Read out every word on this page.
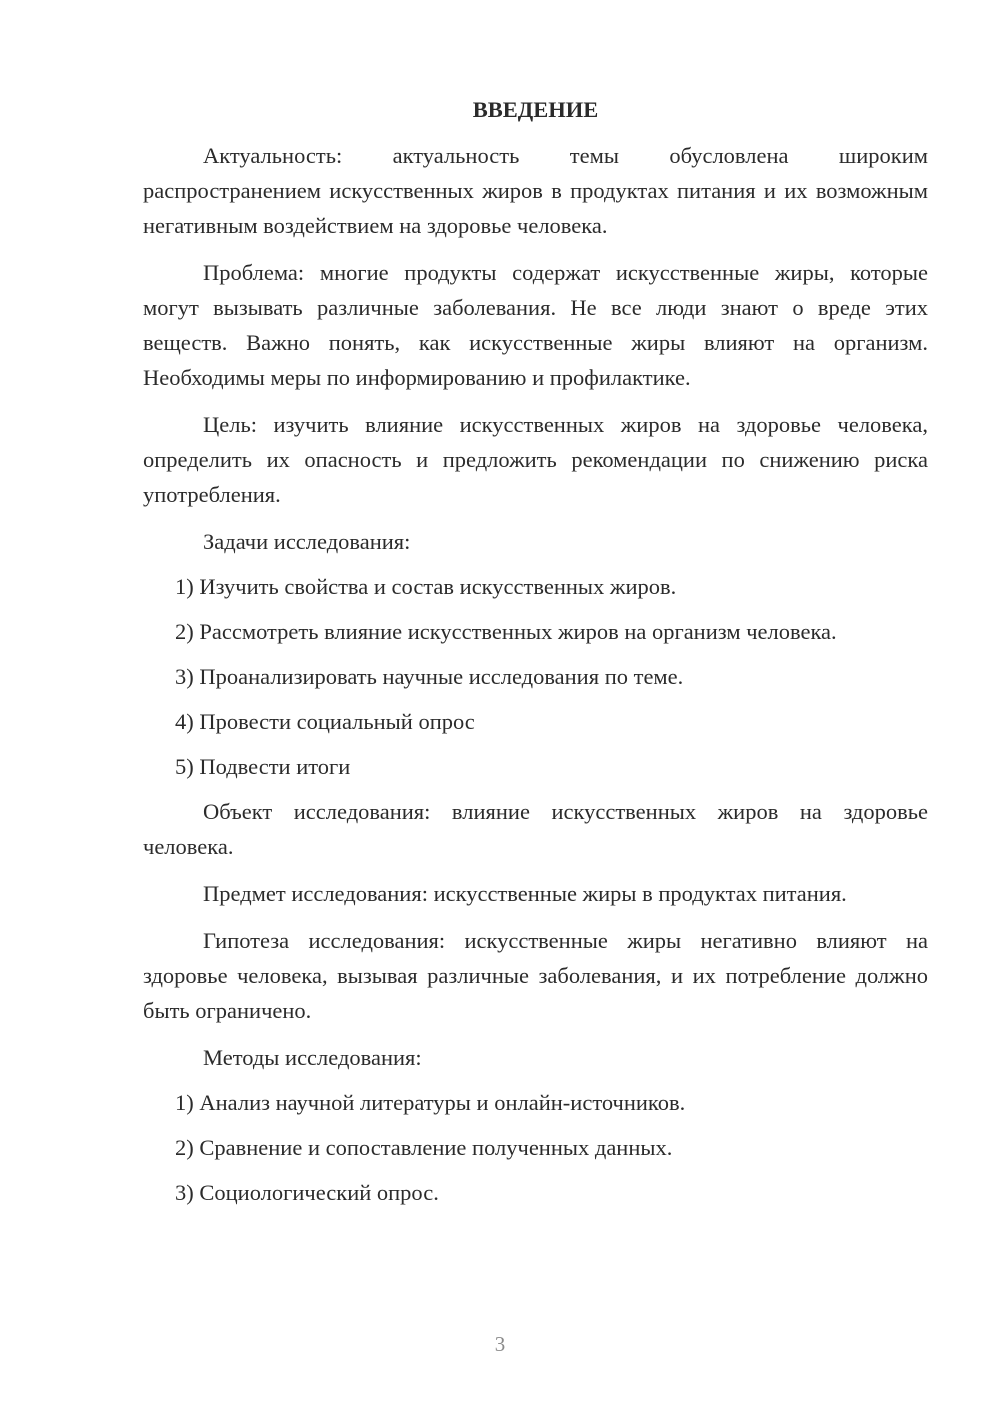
ВВЕДЕНИЕ

Актуальность: актуальность темы обусловлена широким распространением искусственных жиров в продуктах питания и их возможным негативным воздействием на здоровье человека.

Проблема: многие продукты содержат искусственные жиры, которые могут вызывать различные заболевания. Не все люди знают о вреде этих веществ. Важно понять, как искусственные жиры влияют на организм. Необходимы меры по информированию и профилактике.

Цель: изучить влияние искусственных жиров на здоровье человека, определить их опасность и предложить рекомендации по снижению риска употребления.

Задачи исследования:

1) Изучить свойства и состав искусственных жиров.
2) Рассмотреть влияние искусственных жиров на организм человека.
3) Проанализировать научные исследования по теме.
4) Провести социальный опрос
5) Подвести итоги

Объект исследования: влияние искусственных жиров на здоровье человека.

Предмет исследования: искусственные жиры в продуктах питания.

Гипотеза исследования: искусственные жиры негативно влияют на здоровье человека, вызывая различные заболевания, и их потребление должно быть ограничено.

Методы исследования:

1) Анализ научной литературы и онлайн-источников.
2) Сравнение и сопоставление полученных данных.
3) Социологический опрос.
3
